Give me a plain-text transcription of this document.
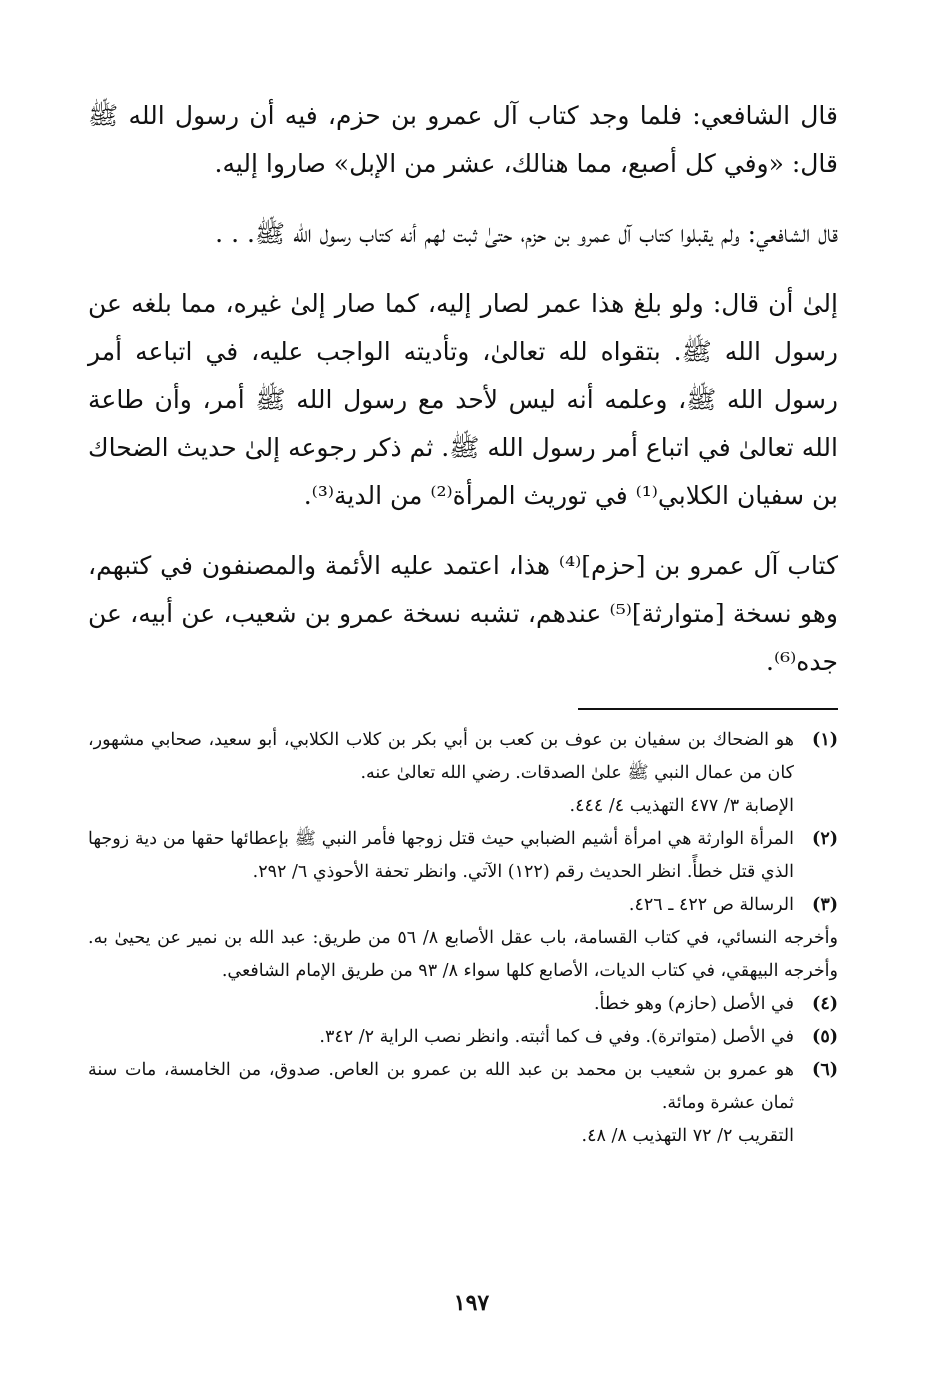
قال الشافعي: فلما وجد كتاب آل عمرو بن حزم، فيه أن رسول الله ﷺ قال: «وفي كل أصبع، مما هنالك، عشر من الإبل» صاروا إليه.

قال الشافعي: ولم يقبلوا كتاب آل عمرو بن حزم، حتىٰ ثبت لهم أنه كتاب رسول الله ﷺ. . .

إلىٰ أن قال: ولو بلغ هذا عمر لصار إليه، كما صار إلىٰ غيره، مما بلغه عن رسول الله ﷺ. بتقواه لله تعالىٰ، وتأديته الواجب عليه، في اتباعه أمر رسول الله ﷺ، وعلمه أنه ليس لأحد مع رسول الله ﷺ أمر، وأن طاعة الله تعالىٰ في اتباع أمر رسول الله ﷺ. ثم ذكر رجوعه إلىٰ حديث الضحاك بن سفيان الكلابي⁽¹⁾ في توريث المرأة⁽²⁾ من الدية⁽³⁾.

كتاب آل عمرو بن [حزم]⁽⁴⁾ هذا، اعتمد عليه الأئمة والمصنفون في كتبهم، وهو نسخة [متوارثة]⁽⁵⁾ عندهم، تشبه نسخة عمرو بن شعيب، عن أبيه، عن جده⁽⁶⁾.

(١)
هو الضحاك بن سفيان بن عوف بن كعب بن أبي بكر بن كلاب الكلابي، أبو سعيد، صحابي مشهور، كان من عمال النبي ﷺ علىٰ الصدقات. رضي الله تعالىٰ عنه.
الإصابة ٣/ ٤٧٧ التهذيب ٤/ ٤٤٤.
(٢)
المرأة الوارثة هي امرأة أشيم الضبابي حيث قتل زوجها فأمر النبي ﷺ بإعطائها حقها من دية زوجها الذي قتل خطأً. انظر الحديث رقم (١٢٢) الآتي. وانظر تحفة الأحوذي ٦/ ٢٩٢.
(٣)
الرسالة ص ٤٢٢ ـ ٤٢٦.
وأخرجه النسائي، في كتاب القسامة، باب عقل الأصابع ٨/ ٥٦ من طريق: عبد الله بن نمير عن يحيىٰ به. وأخرجه البيهقي، في كتاب الديات، الأصابع كلها سواء ٨/ ٩٣ من طريق الإمام الشافعي.
(٤)
في الأصل (حازم) وهو خطأ.
(٥)
في الأصل (متواترة). وفي ف كما أثبته. وانظر نصب الراية ٢/ ٣٤٢.
(٦)
هو عمرو بن شعيب بن محمد بن عبد الله بن عمرو بن العاص. صدوق، من الخامسة، مات سنة ثمان عشرة ومائة.
التقريب ٢/ ٧٢ التهذيب ٨/ ٤٨.
١٩٧
